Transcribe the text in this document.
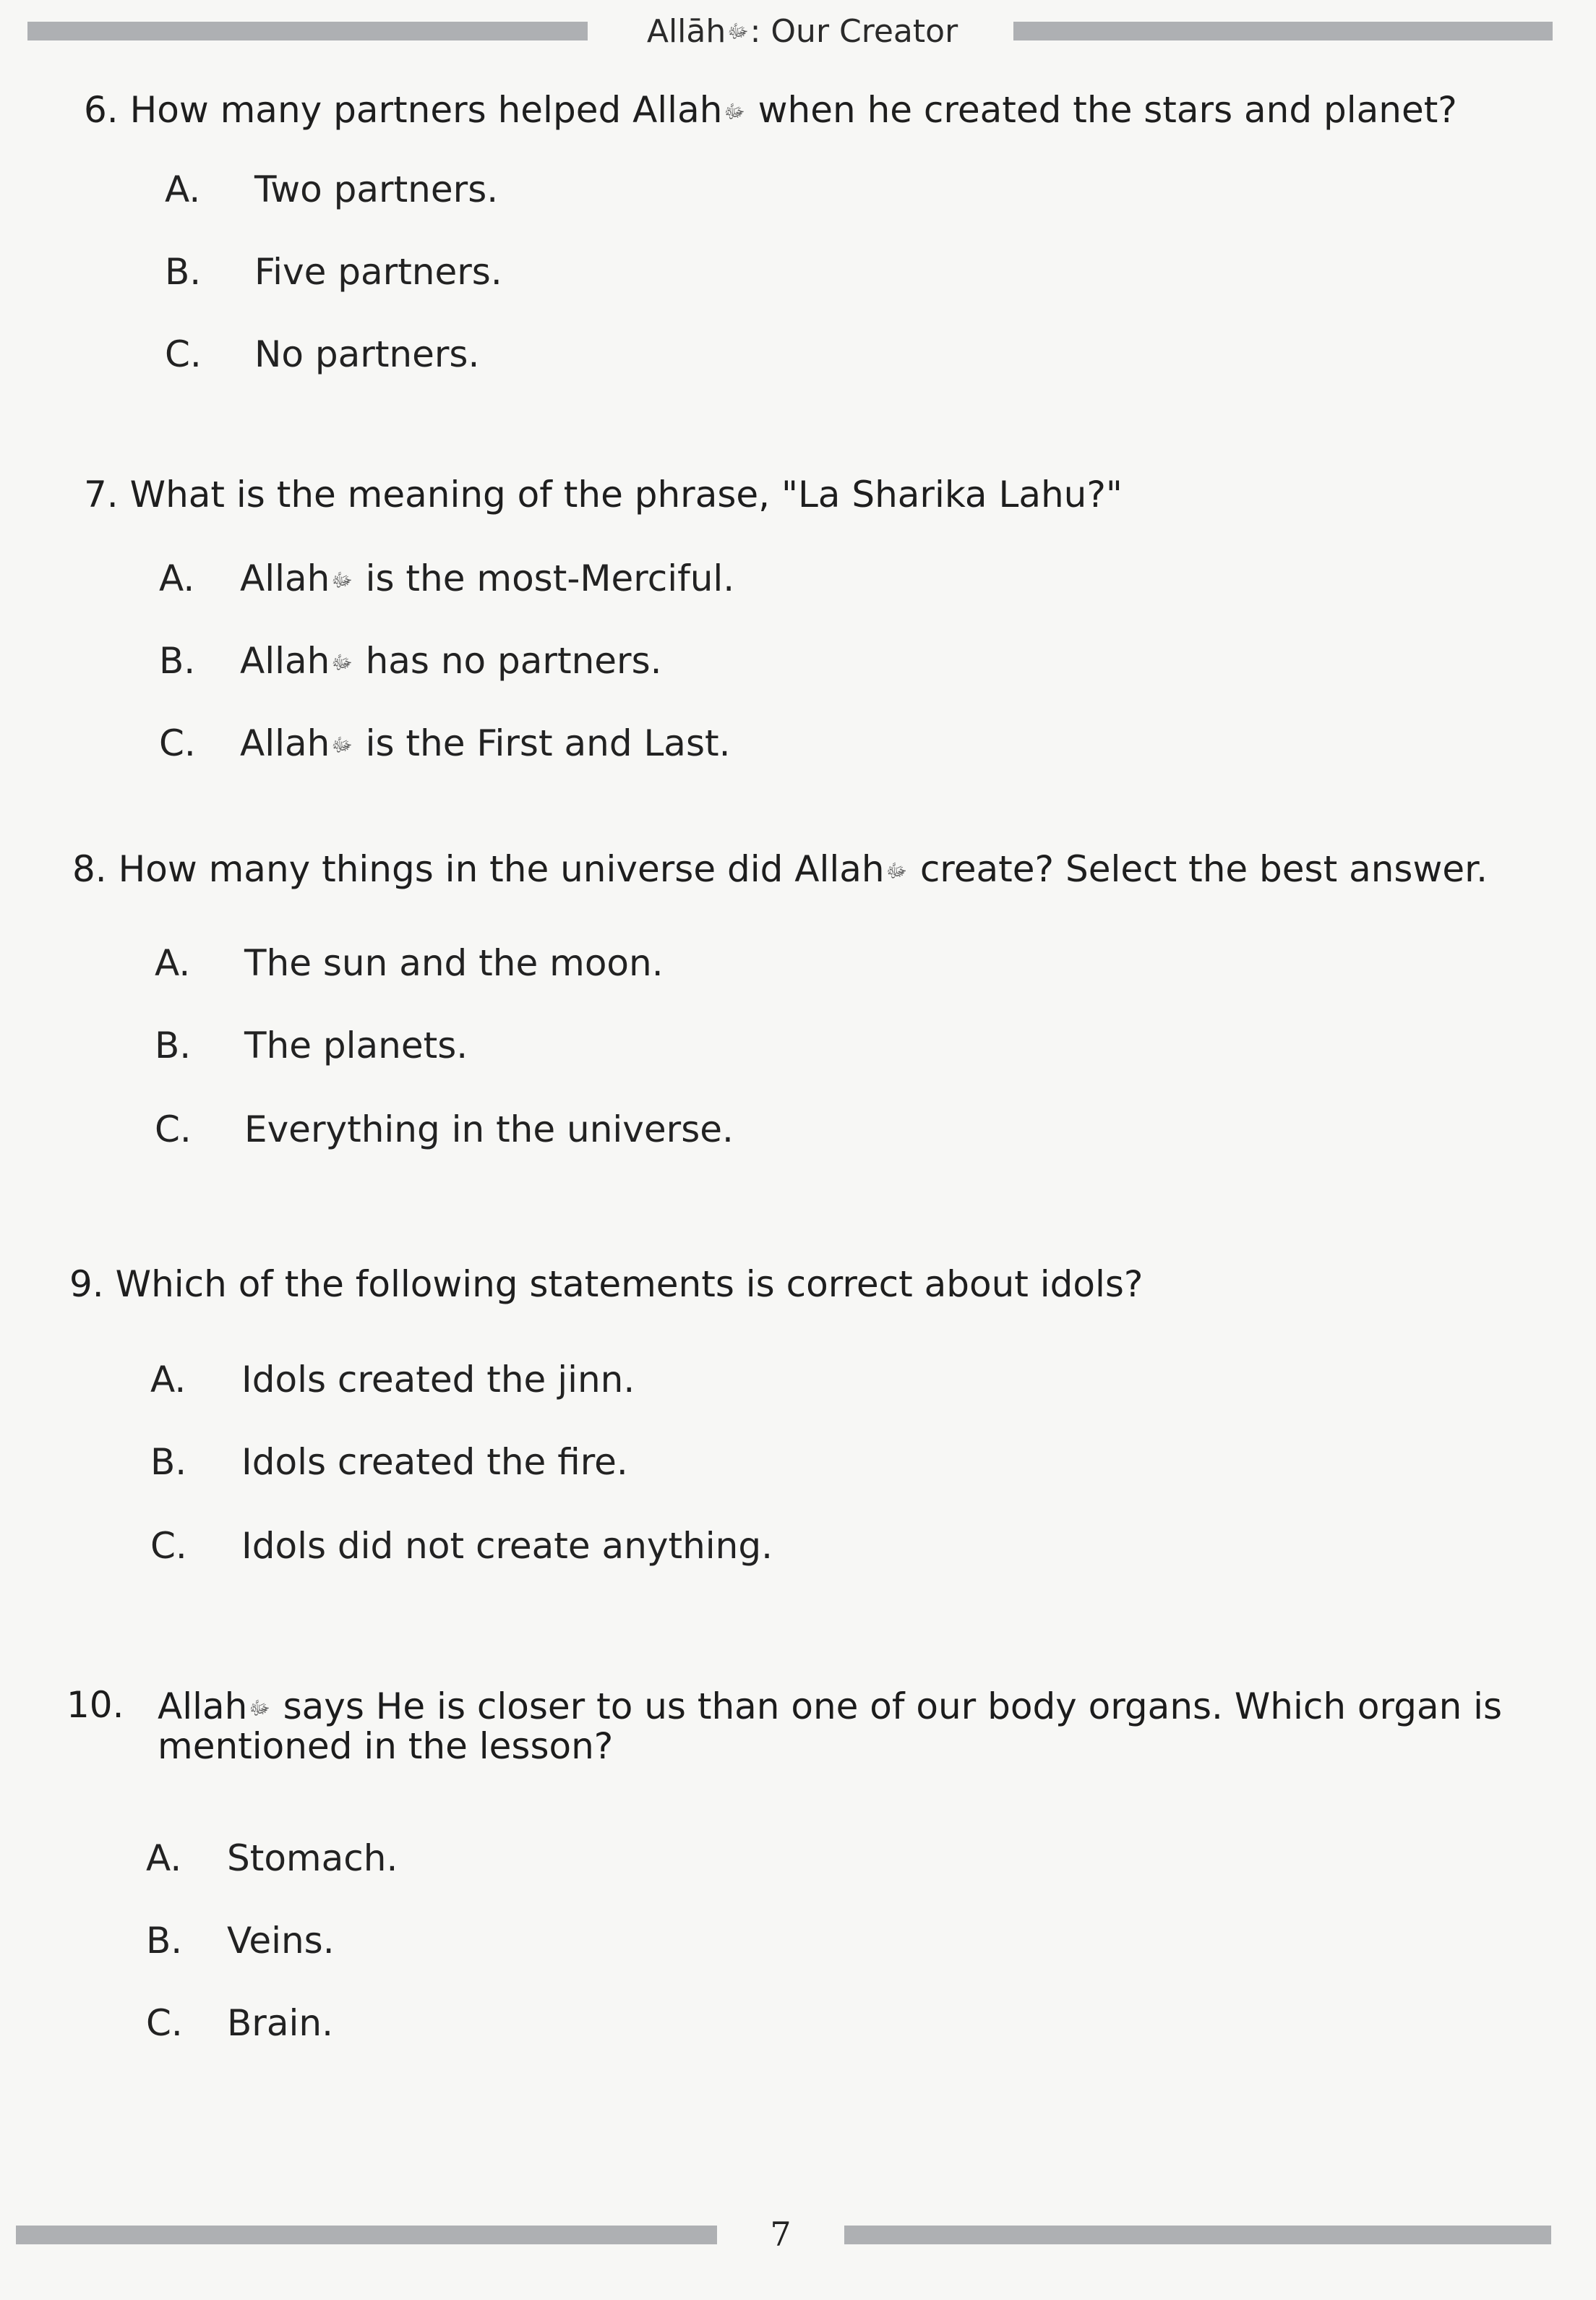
Allāhﷻ: Our Creator
6. How many partners helped Allahﷻ when he created the stars and planet?
A. Two partners.
B. Five partners.
C. No partners.
7. What is the meaning of the phrase, "La Sharika Lahu?"
A. Allahﷻ is the most-Merciful.
B. Allahﷻ has no partners.
C. Allahﷻ is the First and Last.
8. How many things in the universe did Allahﷻ create? Select the best answer.
A. The sun and the moon.
B. The planets.
C. Everything in the universe.
9. Which of the following statements is correct about idols?
A. Idols created the jinn.
B. Idols created the fire.
C. Idols did not create anything.
10. Allahﷻ says He is closer to us than one of our body organs. Which organ is
mentioned in the lesson?
A. Stomach.
B. Veins.
C. Brain.
7
